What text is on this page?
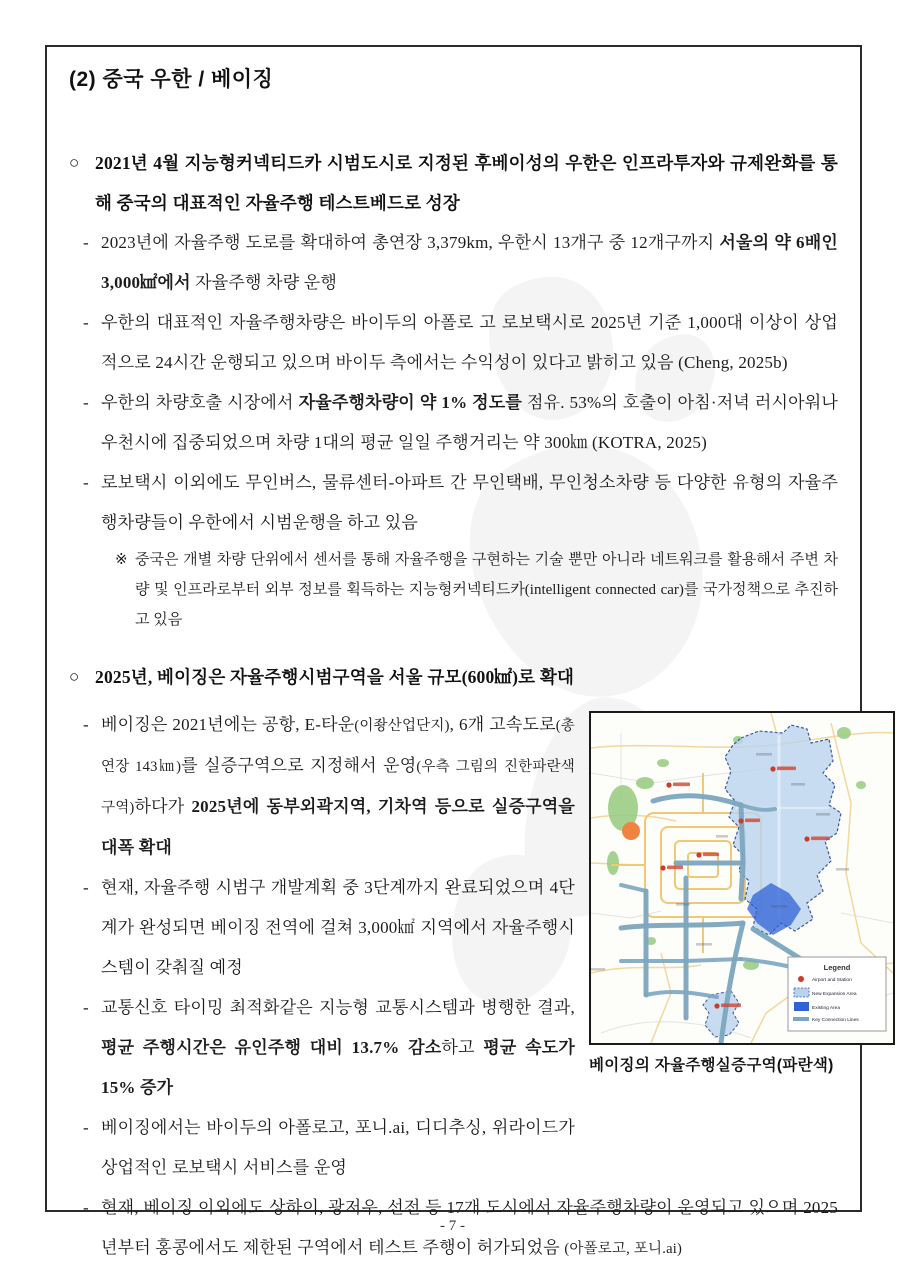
(2) 중국 우한 / 베이징
○ 2021년 4월 지능형커넥티드카 시범도시로 지정된 후베이성의 우한은 인프라투자와 규제완화를 통해 중국의 대표적인 자율주행 테스트베드로 성장
- 2023년에 자율주행 도로를 확대하여 총연장 3,379km, 우한시 13개구 중 12개구까지 서울의 약 6배인 3,000㎢에서 자율주행 차량 운행
- 우한의 대표적인 자율주행차량은 바이두의 아폴로 고 로보택시로 2025년 기준 1,000대 이상이 상업적으로 24시간 운행되고 있으며 바이두 측에서는 수익성이 있다고 밝히고 있음 (Cheng, 2025b)
- 우한의 차량호출 시장에서 자율주행차량이 약 1% 정도를 점유. 53%의 호출이 아침·저녁 러시아워나 우천시에 집중되었으며 차량 1대의 평균 일일 주행거리는 약 300㎞ (KOTRA, 2025)
- 로보택시 이외에도 무인버스, 물류센터-아파트 간 무인택배, 무인청소차량 등 다양한 유형의 자율주행차량들이 우한에서 시범운행을 하고 있음
※ 중국은 개별 차량 단위에서 센서를 통해 자율주행을 구현하는 기술 뿐만 아니라 네트워크를 활용해서 주변 차량 및 인프라로부터 외부 정보를 획득하는 지능형커넥티드카(intelligent connected car)를 국가정책으로 추진하고 있음
○ 2025년, 베이징은 자율주행시범구역을 서울 규모(600㎢)로 확대
- 베이징은 2021년에는 공항, E-타운(이좡산업단지), 6개 고속도로(총연장 143㎞)를 실증구역으로 지정해서 운영(우측 그림의 진한파란색 구역)하다가 2025년에 동부외곽지역, 기차역 등으로 실증구역을 대폭 확대
- 현재, 자율주행 시범구 개발계획 중 3단계까지 완료되었으며 4단계가 완성되면 베이징 전역에 걸쳐 3,000㎢ 지역에서 자율주행시스템이 갖춰질 예정
- 교통신호 타이밍 최적화같은 지능형 교통시스템과 병행한 결과, 평균 주행시간은 유인주행 대비 13.7% 감소하고 평균 속도가 15% 증가
- 베이징에서는 바이두의 아폴로고, 포니.ai, 디디추싱, 위라이드가 상업적인 로보택시 서비스를 운영
Legend
Airport and Station
New Expansion Area
Existing Area
Key Connection Lines
베이징의 자율주행실증구역(파란색)
- 현재, 베이징 이외에도 상하이, 광저우, 선전 등 17개 도시에서 자율주행차량이 운영되고 있으며 2025년부터 홍콩에서도 제한된 구역에서 테스트 주행이 허가되었음 (아폴로고, 포니.ai)
- 7 -
